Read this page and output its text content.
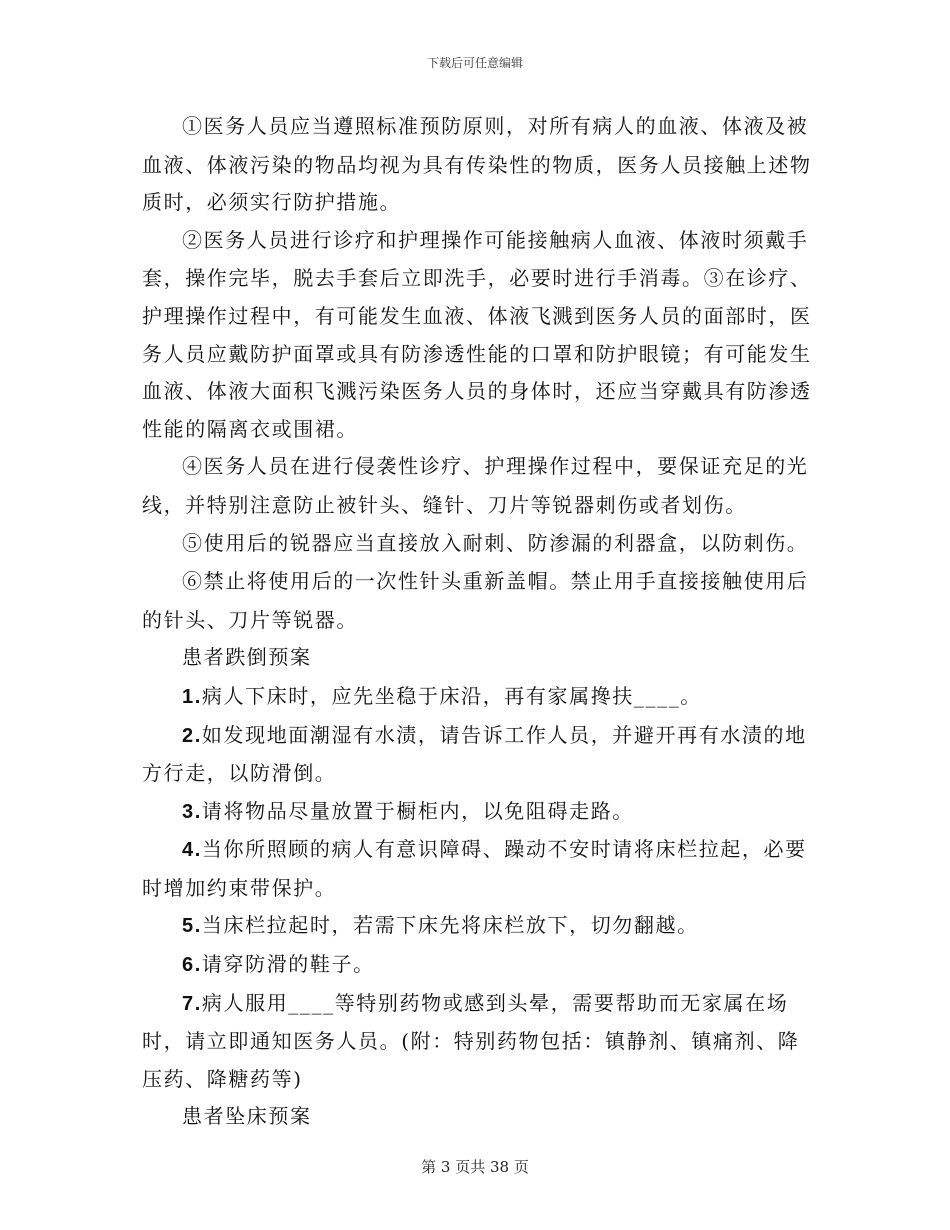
下载后可任意编辑

①医务人员应当遵照标准预防原则，对所有病人的血液、体液及被血液、体液污染的物品均视为具有传染性的物质，医务人员接触上述物质时，必须实行防护措施。

②医务人员进行诊疗和护理操作可能接触病人血液、体液时须戴手套，操作完毕，脱去手套后立即洗手，必要时进行手消毒。③在诊疗、护理操作过程中，有可能发生血液、体液飞溅到医务人员的面部时，医务人员应戴防护面罩或具有防渗透性能的口罩和防护眼镜；有可能发生血液、体液大面积飞溅污染医务人员的身体时，还应当穿戴具有防渗透性能的隔离衣或围裙。

④医务人员在进行侵袭性诊疗、护理操作过程中，要保证充足的光线，并特别注意防止被针头、缝针、刀片等锐器刺伤或者划伤。

⑤使用后的锐器应当直接放入耐刺、防渗漏的利器盒，以防刺伤。

⑥禁止将使用后的一次性针头重新盖帽。禁止用手直接接触使用后的针头、刀片等锐器。

患者跌倒预案

1.病人下床时，应先坐稳于床沿，再有家属搀扶____。

2.如发现地面潮湿有水渍，请告诉工作人员，并避开再有水渍的地方行走，以防滑倒。

3.请将物品尽量放置于橱柜内，以免阻碍走路。

4.当你所照顾的病人有意识障碍、躁动不安时请将床栏拉起，必要时增加约束带保护。

5.当床栏拉起时，若需下床先将床栏放下，切勿翻越。

6.请穿防滑的鞋子。

7.病人服用____等特别药物或感到头晕，需要帮助而无家属在场时，请立即通知医务人员。(附：特别药物包括：镇静剂、镇痛剂、降压药、降糖药等)

患者坠床预案

第 3 页共 38 页
